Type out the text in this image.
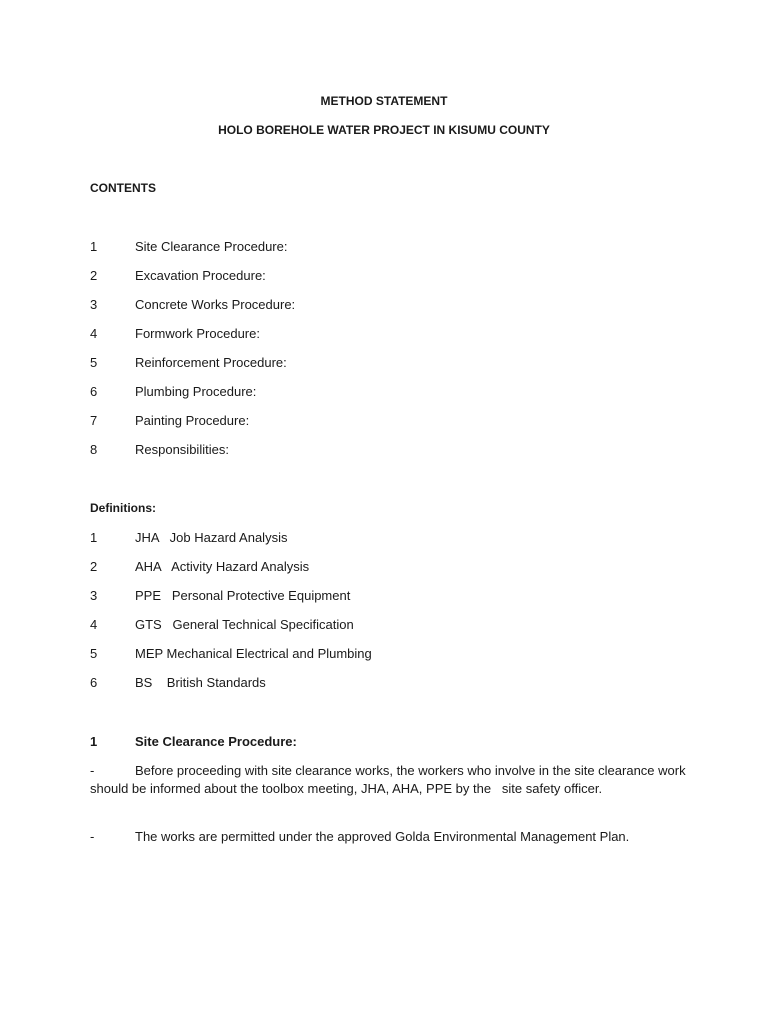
METHOD STATEMENT
HOLO BOREHOLE WATER PROJECT IN KISUMU COUNTY
CONTENTS
1	Site Clearance Procedure:
2	Excavation Procedure:
3	Concrete Works Procedure:
4	Formwork Procedure:
5	Reinforcement Procedure:
6	Plumbing Procedure:
7	Painting Procedure:
8	Responsibilities:
Definitions:
1	JHA   Job Hazard Analysis
2	AHA   Activity Hazard Analysis
3	PPE   Personal Protective Equipment
4	GTS   General Technical Specification
5	MEP Mechanical Electrical and Plumbing
6	BS    British Standards
1	Site Clearance Procedure:
-	Before proceeding with site clearance works, the workers who involve in the site clearance work should be informed about the toolbox meeting, JHA, AHA, PPE by the   site safety officer.
-	The works are permitted under the approved Golda Environmental Management Plan.
